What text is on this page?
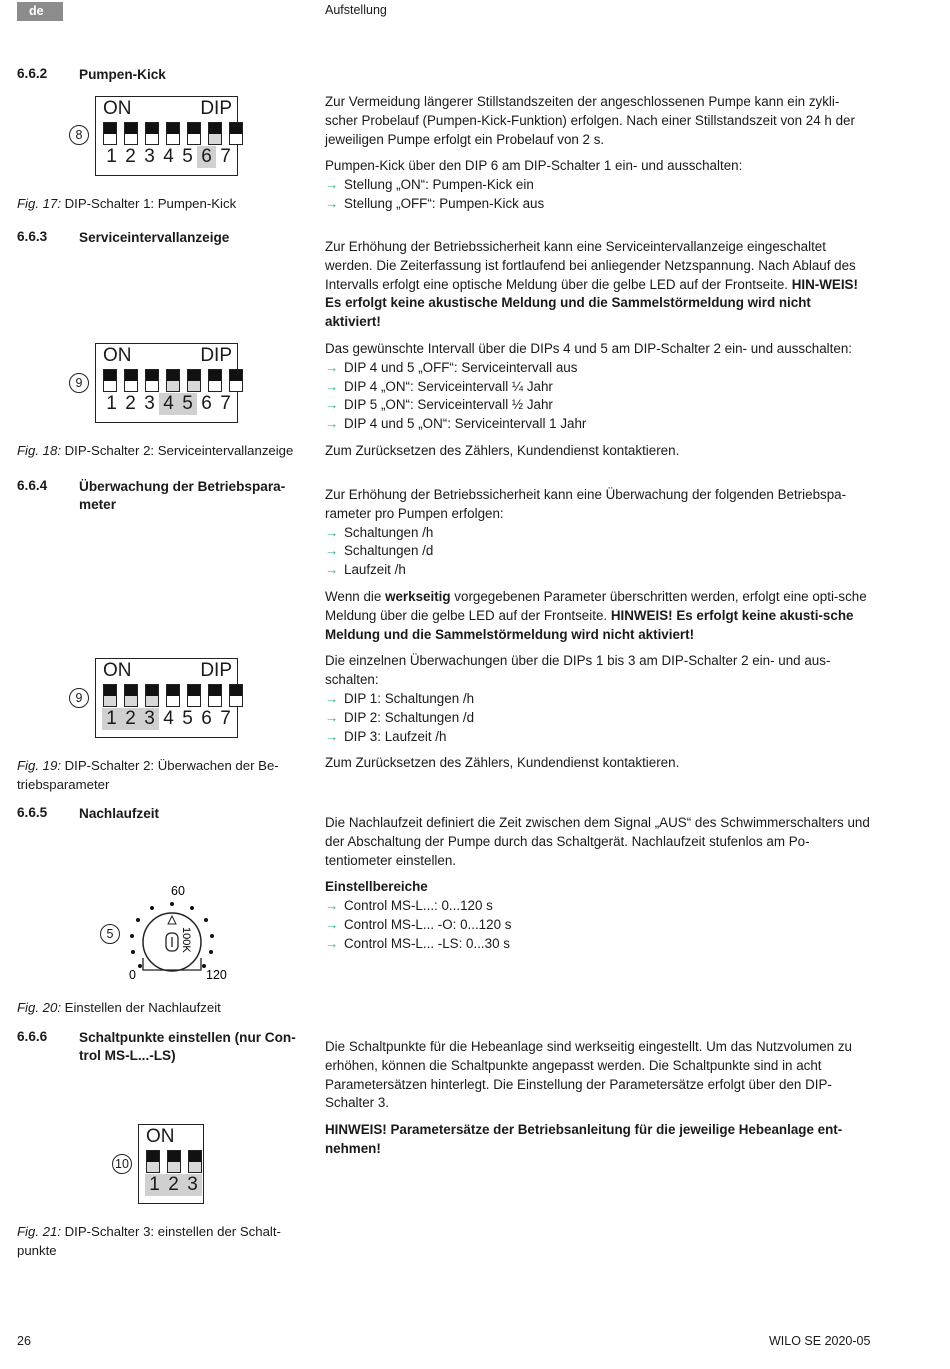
de	Aufstellung
6.6.2 Pumpen-Kick
8
ON	DIP
1 2 3 4 5 6 7
Fig. 17: DIP-Schalter 1: Pumpen-Kick

Zur Vermeidung längerer Stillstandszeiten der angeschlossenen Pumpe kann ein zykli-scher Probelauf (Pumpen-Kick-Funktion) erfolgen. Nach einer Stillstandszeit von 24 h der jeweiligen Pumpe erfolgt ein Probelauf von 2 s.

Pumpen-Kick über den DIP 6 am DIP-Schalter 1 ein- und ausschalten:
→ Stellung „ON“: Pumpen-Kick ein
→ Stellung „OFF“: Pumpen-Kick aus

6.6.3 Serviceintervallanzeige
9
ON	DIP
1 2 3 4 5 6 7
Fig. 18: DIP-Schalter 2: Serviceintervallanzeige

Zur Erhöhung der Betriebssicherheit kann eine Serviceintervallanzeige eingeschaltet werden. Die Zeiterfassung ist fortlaufend bei anliegender Netzspannung. Nach Ablauf des Intervalls erfolgt eine optische Meldung über die gelbe LED auf der Frontseite. HIN-WEIS! Es erfolgt keine akustische Meldung und die Sammelstörmeldung wird nicht aktiviert!

Das gewünschte Intervall über die DIPs 4 und 5 am DIP-Schalter 2 ein- und ausschalten:
→ DIP 4 und 5 „OFF“: Serviceintervall aus
→ DIP 4 „ON“: Serviceintervall ¼ Jahr
→ DIP 5 „ON“: Serviceintervall ½ Jahr
→ DIP 4 und 5 „ON“: Serviceintervall 1 Jahr

Zum Zurücksetzen des Zählers, Kundendienst kontaktieren.

6.6.4 Überwachung der Betriebspara-meter
9
ON	DIP
1 2 3 4 5 6 7
Fig. 19: DIP-Schalter 2: Überwachen der Be-triebsparameter

Zur Erhöhung der Betriebssicherheit kann eine Überwachung der folgenden Betriebspa-rameter pro Pumpen erfolgen:
→ Schaltungen /h
→ Schaltungen /d
→ Laufzeit /h

Wenn die werkseitig vorgegebenen Parameter überschritten werden, erfolgt eine opti-sche Meldung über die gelbe LED auf der Frontseite. HINWEIS! Es erfolgt keine akusti-sche Meldung und die Sammelstörmeldung wird nicht aktiviert!

Die einzelnen Überwachungen über die DIPs 1 bis 3 am DIP-Schalter 2 ein- und aus-schalten:
→ DIP 1: Schaltungen /h
→ DIP 2: Schaltungen /d
→ DIP 3: Laufzeit /h

Zum Zurücksetzen des Zählers, Kundendienst kontaktieren.

6.6.5 Nachlaufzeit
5
60
0	120
100K
Fig. 20: Einstellen der Nachlaufzeit

Die Nachlaufzeit definiert die Zeit zwischen dem Signal „AUS“ des Schwimmerschalters und der Abschaltung der Pumpe durch das Schaltgerät. Nachlaufzeit stufenlos am Po-tentiometer einstellen.

Einstellbereiche
→ Control MS-L...: 0...120 s
→ Control MS-L... -O: 0...120 s
→ Control MS-L... -LS: 0...30 s

6.6.6 Schaltpunkte einstellen (nur Con-trol MS-L...-LS)
10
ON
1 2 3
Fig. 21: DIP-Schalter 3: einstellen der Schalt-punkte

Die Schaltpunkte für die Hebeanlage sind werkseitig eingestellt. Um das Nutzvolumen zu erhöhen, können die Schaltpunkte angepasst werden. Die Schaltpunkte sind in acht Parametersätzen hinterlegt. Die Einstellung der Parametersätze erfolgt über den DIP-Schalter 3.

HINWEIS! Parametersätze der Betriebsanleitung für die jeweilige Hebeanlage ent-nehmen!

26	WILO SE 2020-05
